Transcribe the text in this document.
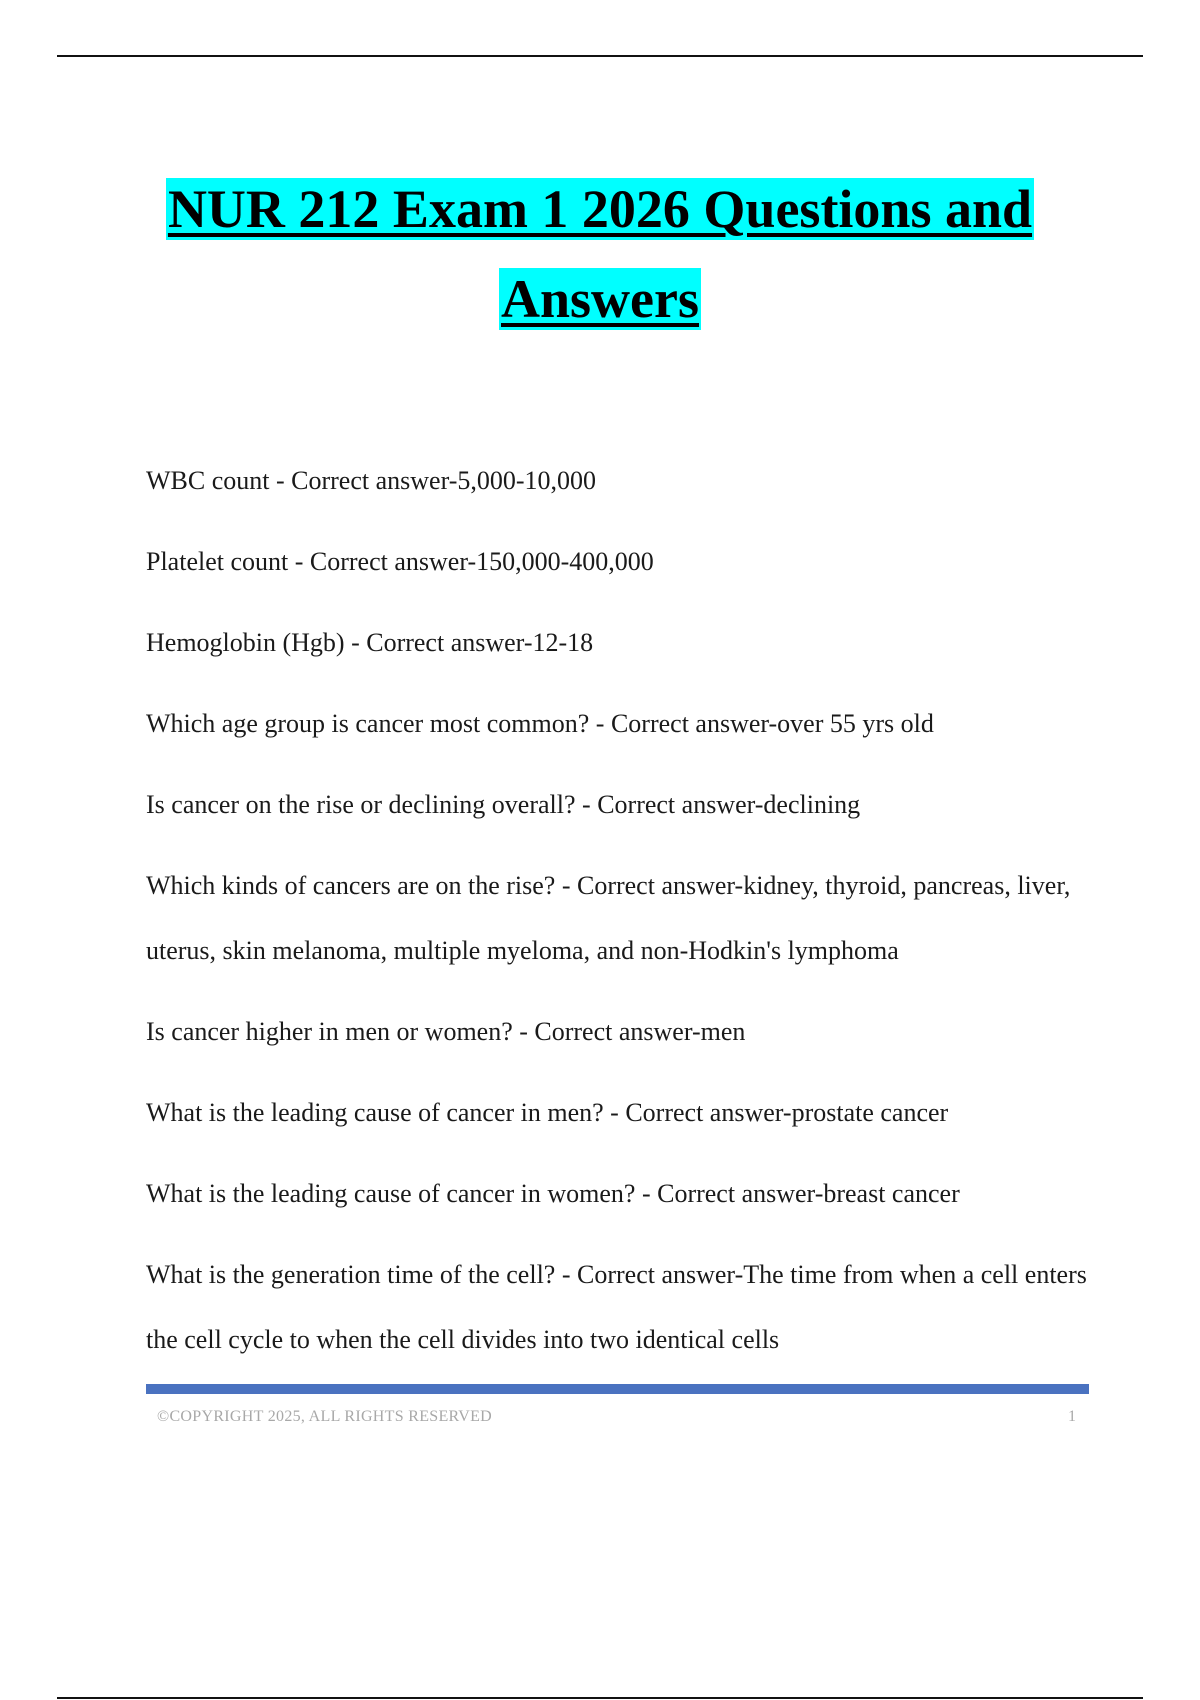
NUR 212 Exam 1 2026 Questions and
Answers
WBC count - Correct answer-5,000-10,000
Platelet count - Correct answer-150,000-400,000
Hemoglobin (Hgb) - Correct answer-12-18
Which age group is cancer most common? - Correct answer-over 55 yrs old
Is cancer on the rise or declining overall? - Correct answer-declining
Which kinds of cancers are on the rise? - Correct answer-kidney, thyroid, pancreas, liver, uterus, skin melanoma, multiple myeloma, and non-Hodkin's lymphoma
Is cancer higher in men or women? - Correct answer-men
What is the leading cause of cancer in men? - Correct answer-prostate cancer
What is the leading cause of cancer in women? - Correct answer-breast cancer
What is the generation time of the cell? - Correct answer-The time from when a cell enters the cell cycle to when the cell divides into two identical cells
©COPYRIGHT 2025, ALL RIGHTS RESERVED	1
